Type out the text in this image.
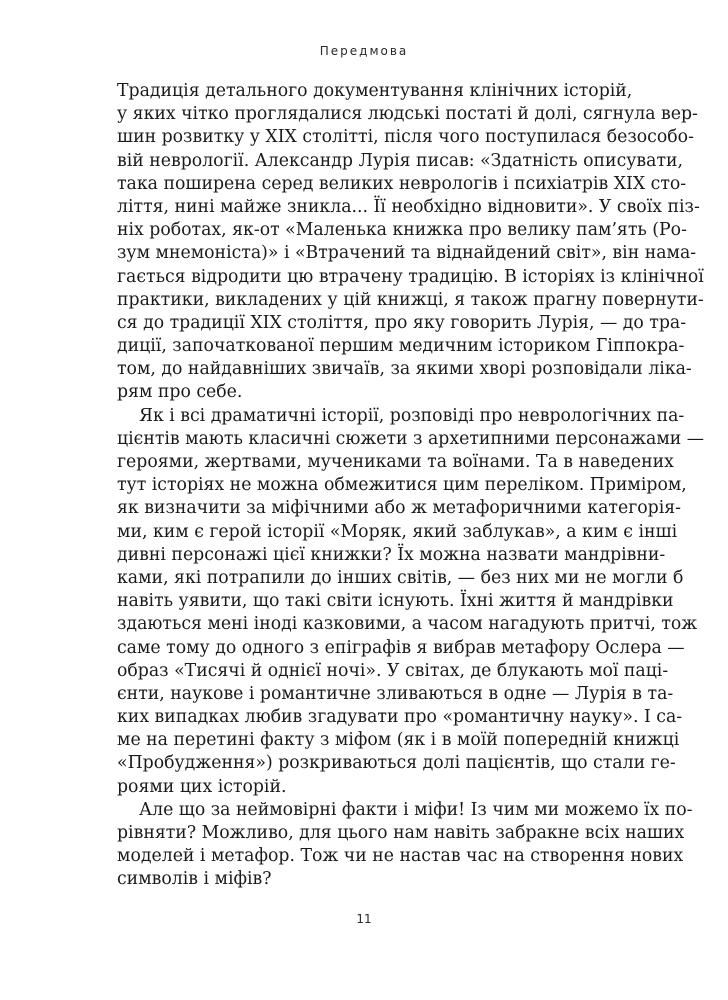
Передмова
Традиція детального документування клінічних історій,
у яких чітко проглядалися людські постаті й долі, сягнула вер-
шин розвитку у XIX столітті, після чого поступилася безособо-
вій неврології. Александр Лурія писав: «Здатність описувати,
така поширена серед великих неврологів і психіатрів XIX сто-
ліття, нині майже зникла... Її необхідно відновити». У своїх піз-
ніх роботах, як-от «Маленька книжка про велику пам’ять (Ро-
зум мнемоніста)» і «Втрачений та віднайдений світ», він нама-
гається відродити цю втрачену традицію. В історіях із клінічної
практики, викладених у цій книжці, я також прагну повернути-
ся до традиції XIX століття, про яку говорить Лурія, — до тра-
диції, започаткованої першим медичним істориком Гіппокра-
том, до найдавніших звичаїв, за якими хворі розповідали ліка-
рям про себе.
Як і всі драматичні історії, розповіді про неврологічних па-
цієнтів мають класичні сюжети з архетипними персонажами —
героями, жертвами, мучениками та воїнами. Та в наведених
тут історіях не можна обмежитися цим переліком. Приміром,
як визначити за міфічними або ж метафоричними категорія-
ми, ким є герой історії «Моряк, який заблукав», а ким є інші
дивні персонажі цієї книжки? Їх можна назвати мандрівни-
ками, які потрапили до інших світів, — без них ми не могли б
навіть уявити, що такі світи існують. Їхні життя й мандрівки
здаються мені іноді казковими, а часом нагадують притчі, тож
саме тому до одного з епіграфів я вибрав метафору Ослера —
образ «Тисячі й однієї ночі». У світах, де блукають мої паці-
єнти, наукове і романтичне зливаються в одне — Лурія в та-
ких випадках любив згадувати про «романтичну науку». І са-
ме на перетині факту з міфом (як і в моїй попередній книжці
«Пробудження») розкриваються долі пацієнтів, що стали ге-
роями цих історій.
Але що за неймовірні факти і міфи! Із чим ми можемо їх по-
рівняти? Можливо, для цього нам навіть забракне всіх наших
моделей і метафор. Тож чи не настав час на створення нових
символів і міфів?
11
